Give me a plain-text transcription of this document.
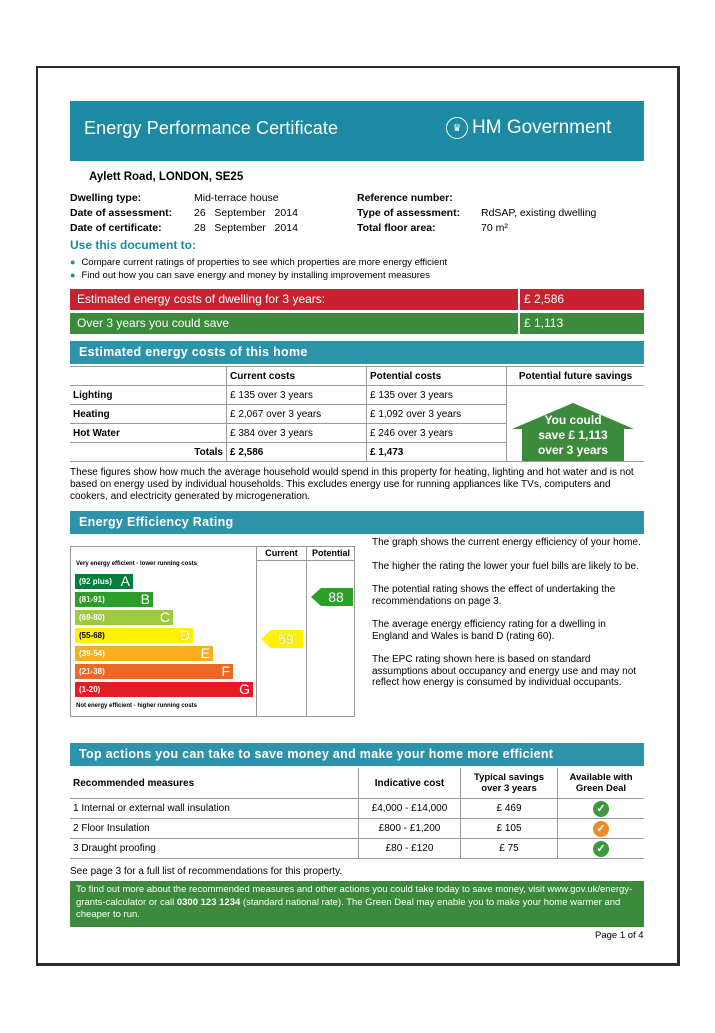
Energy Performance Certificate	♛ HM Government
Aylett Road, LONDON, SE25
Dwelling type:	Mid-terrace house
Date of assessment: 26   September   2014
Date of certificate:	28   September   2014
Reference number:
Type of assessment: RdSAP, existing dwelling
Total floor area:	70 m²
Use this document to:
● Compare current ratings of properties to see which properties are more energy efficient
● Find out how you can save energy and money by installing improvement measures
Estimated energy costs of dwelling for 3 years:	£ 2,586
Over 3 years you could save	£ 1,113
Estimated energy costs of this home
	Current costs	Potential costs	Potential future savings
Lighting	£ 135 over 3 years	£ 135 over 3 years	
Heating	£ 2,067 over 3 years	£ 1,092 over 3 years	
Hot Water	£ 384 over 3 years	£ 246 over 3 years	
Totals	£ 2,586	£ 1,473	
You could
save £ 1,113
over 3 years
These figures show how much the average household would spend in this property for heating, lighting and hot water and is not based on energy used by individual households. This excludes energy use for running appliances like TVs, computers and cookers, and electricity generated by microgeneration.
Energy Efficiency Rating
Current	Potential
Very energy efficient - lower running costs
(92 plus) A
(81-91)	B
(69-80)	C
(55-68)	D
(39-54)	E
(21-38)	F
(1-20)	G
Not energy efficient - higher running costs
59
88
The graph shows the current energy efficiency of your home.
The higher the rating the lower your fuel bills are likely to be.
The potential rating shows the effect of undertaking the recommendations on page 3.
The average energy efficiency rating for a dwelling in England and Wales is band D (rating 60).
The EPC rating shown here is based on standard assumptions about occupancy and energy use and may not reflect how energy is consumed by individual occupants.
Top actions you can take to save money and make your home more efficient
Recommended measures	Indicative cost	Typical savings over 3 years	Available with Green Deal
1 Internal or external wall insulation	£4,000 - £14,000	£ 469	✓
2 Floor Insulation	£800 - £1,200	£ 105	✓
3 Draught proofing	£80 - £120	£ 75	✓
See page 3 for a full list of recommendations for this property.
To find out more about the recommended measures and other actions you could take today to save money, visit www.gov.uk/energy-grants-calculator or call 0300 123 1234 (standard national rate). The Green Deal may enable you to make your home warmer and cheaper to run.
Page 1 of 4
